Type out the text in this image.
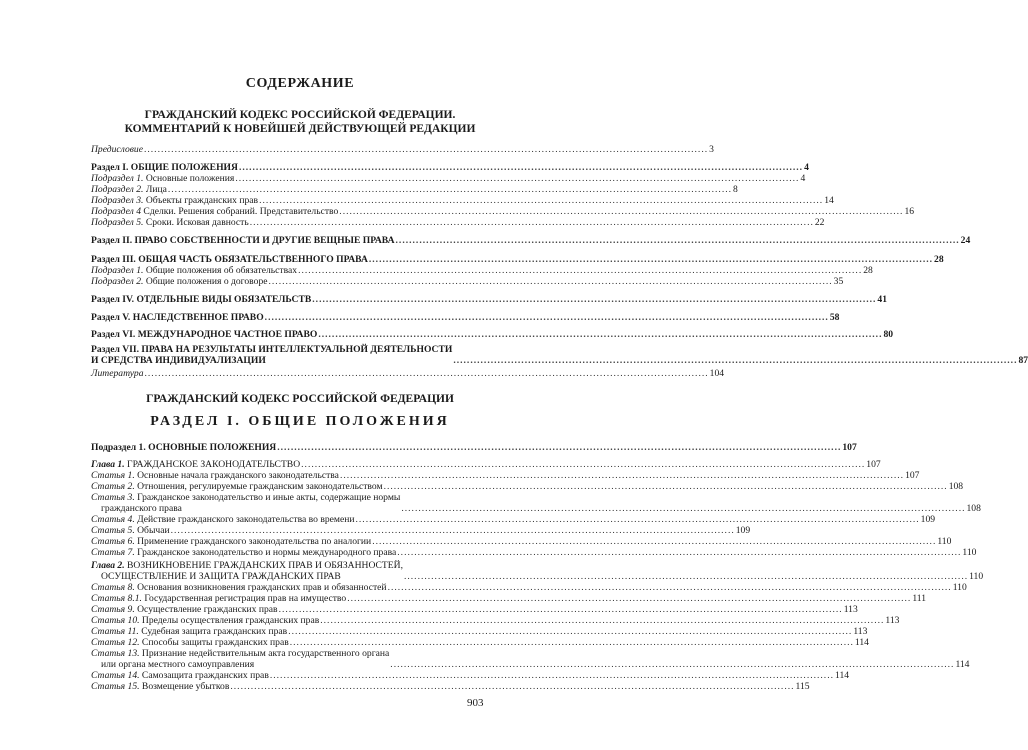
СОДЕРЖАНИЕ
ГРАЖДАНСКИЙ КОДЕКС РОССИЙСКОЙ ФЕДЕРАЦИИ.
КОММЕНТАРИЙ К НОВЕЙШЕЙ ДЕЙСТВУЮЩЕЙ РЕДАКЦИИ
Предисловие ...................................................................................................................................................................... 3
Раздел I. ОБЩИЕ ПОЛОЖЕНИЯ ...................................................................................................................................................................... 4
Подраздел 1. Основные положения ...................................................................................................................................................................... 4
Подраздел 2. Лица ...................................................................................................................................................................... 8
Подраздел 3. Объекты гражданских прав ...................................................................................................................................................................... 14
Подраздел 4 Сделки. Решения собраний. Представительство ...................................................................................................................................................................... 16
Подраздел 5. Сроки. Исковая давность ...................................................................................................................................................................... 22
Раздел II. ПРАВО СОБСТВЕННОСТИ И ДРУГИЕ ВЕЩНЫЕ ПРАВА ...................................................................................................................................................................... 24
Раздел III. ОБЩАЯ ЧАСТЬ ОБЯЗАТЕЛЬСТВЕННОГО ПРАВА ...................................................................................................................................................................... 28
Подраздел 1. Общие положения об обязательствах ...................................................................................................................................................................... 28
Подраздел 2. Общие положения о договоре ...................................................................................................................................................................... 35
Раздел IV. ОТДЕЛЬНЫЕ ВИДЫ ОБЯЗАТЕЛЬСТВ ...................................................................................................................................................................... 41
Раздел V. НАСЛЕДСТВЕННОЕ ПРАВО ...................................................................................................................................................................... 58
Раздел VI. МЕЖДУНАРОДНОЕ ЧАСТНОЕ ПРАВО ...................................................................................................................................................................... 80
Раздел VII. ПРАВА НА РЕЗУЛЬТАТЫ ИНТЕЛЛЕКТУАЛЬНОЙ ДЕЯТЕЛЬНОСТИ
И СРЕДСТВА ИНДИВИДУАЛИЗАЦИИ	...................................................................................................................................................................... 87
Литература ...................................................................................................................................................................... 104
ГРАЖДАНСКИЙ КОДЕКС РОССИЙСКОЙ ФЕДЕРАЦИИ
РАЗДЕЛ I. ОБЩИЕ ПОЛОЖЕНИЯ
Подраздел 1. ОСНОВНЫЕ ПОЛОЖЕНИЯ ...................................................................................................................................................................... 107
Глава 1. ГРАЖДАНСКОЕ ЗАКОНОДАТЕЛЬСТВО ...................................................................................................................................................................... 107
Статья 1. Основные начала гражданского законодательства ...................................................................................................................................................................... 107
Статья 2. Отношения, регулируемые гражданским законодательством ...................................................................................................................................................................... 108
Статья 3. Гражданское законодательство и иные акты, содержащие нормы
гражданского права	...................................................................................................................................................................... 108
Статья 4. Действие гражданского законодательства во времени ...................................................................................................................................................................... 109
Статья 5. Обычаи ...................................................................................................................................................................... 109
Статья 6. Применение гражданского законодательства по аналогии ...................................................................................................................................................................... 110
Статья 7. Гражданское законодательство и нормы международного права ...................................................................................................................................................................... 110
Глава 2. ВОЗНИКНОВЕНИЕ ГРАЖДАНСКИХ ПРАВ И ОБЯЗАННОСТЕЙ,
ОСУЩЕСТВЛЕНИЕ И ЗАЩИТА ГРАЖДАНСКИХ ПРАВ	...................................................................................................................................................................... 110
Статья 8. Основания возникновения гражданских прав и обязанностей ...................................................................................................................................................................... 110
Статья 8.1. Государственная регистрация прав на имущество ...................................................................................................................................................................... 111
Статья 9. Осуществление гражданских прав ...................................................................................................................................................................... 113
Статья 10. Пределы осуществления гражданских прав ...................................................................................................................................................................... 113
Статья 11. Судебная защита гражданских прав ...................................................................................................................................................................... 113
Статья 12. Способы защиты гражданских прав ...................................................................................................................................................................... 114
Статья 13. Признание недействительным акта государственного органа
или органа местного самоуправления	...................................................................................................................................................................... 114
Статья 14. Самозащита гражданских прав ...................................................................................................................................................................... 114
Статья 15. Возмещение убытков ...................................................................................................................................................................... 115
903
